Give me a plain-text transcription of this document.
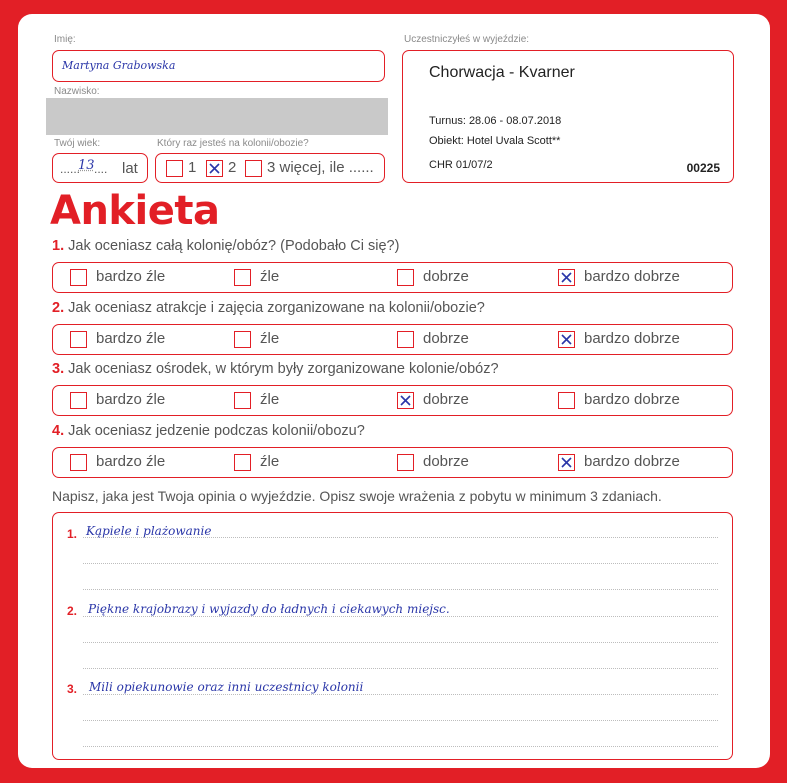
Imię:
Martyna Grabowska
Nazwisko:
Twój wiek:
......
13 .... lat
Który raz jesteś na kolonii/obozie?
1 2 3 więcej, ile ......
Uczestniczyłeś w wyjeździe:
Chorwacja - Kvarner
Turnus: 28.06 - 08.07.2018
Obiekt: Hotel Uvala Scott**
CHR 01/07/2	00225
Ankieta
1. Jak oceniasz całą kolonię/obóz? (Podobało Ci się?)
bardzo źle	źle	dobrze	bardzo dobrze
2. Jak oceniasz atrakcje i zajęcia zorganizowane na kolonii/obozie?
bardzo źle	źle	dobrze	bardzo dobrze
3. Jak oceniasz ośrodek, w którym były zorganizowane kolonie/obóz?
bardzo źle	źle	dobrze	bardzo dobrze
4. Jak oceniasz jedzenie podczas kolonii/obozu?
bardzo źle	źle	dobrze	bardzo dobrze
Napisz, jaka jest Twoja opinia o wyjeździe. Opisz swoje wrażenia z pobytu w minimum 3 zdaniach.
1. Kąpiele i plażowanie
2. Piękne krajobrazy i wyjazdy do ładnych i ciekawych miejsc.
3. Mili opiekunowie oraz inni uczestnicy kolonii
